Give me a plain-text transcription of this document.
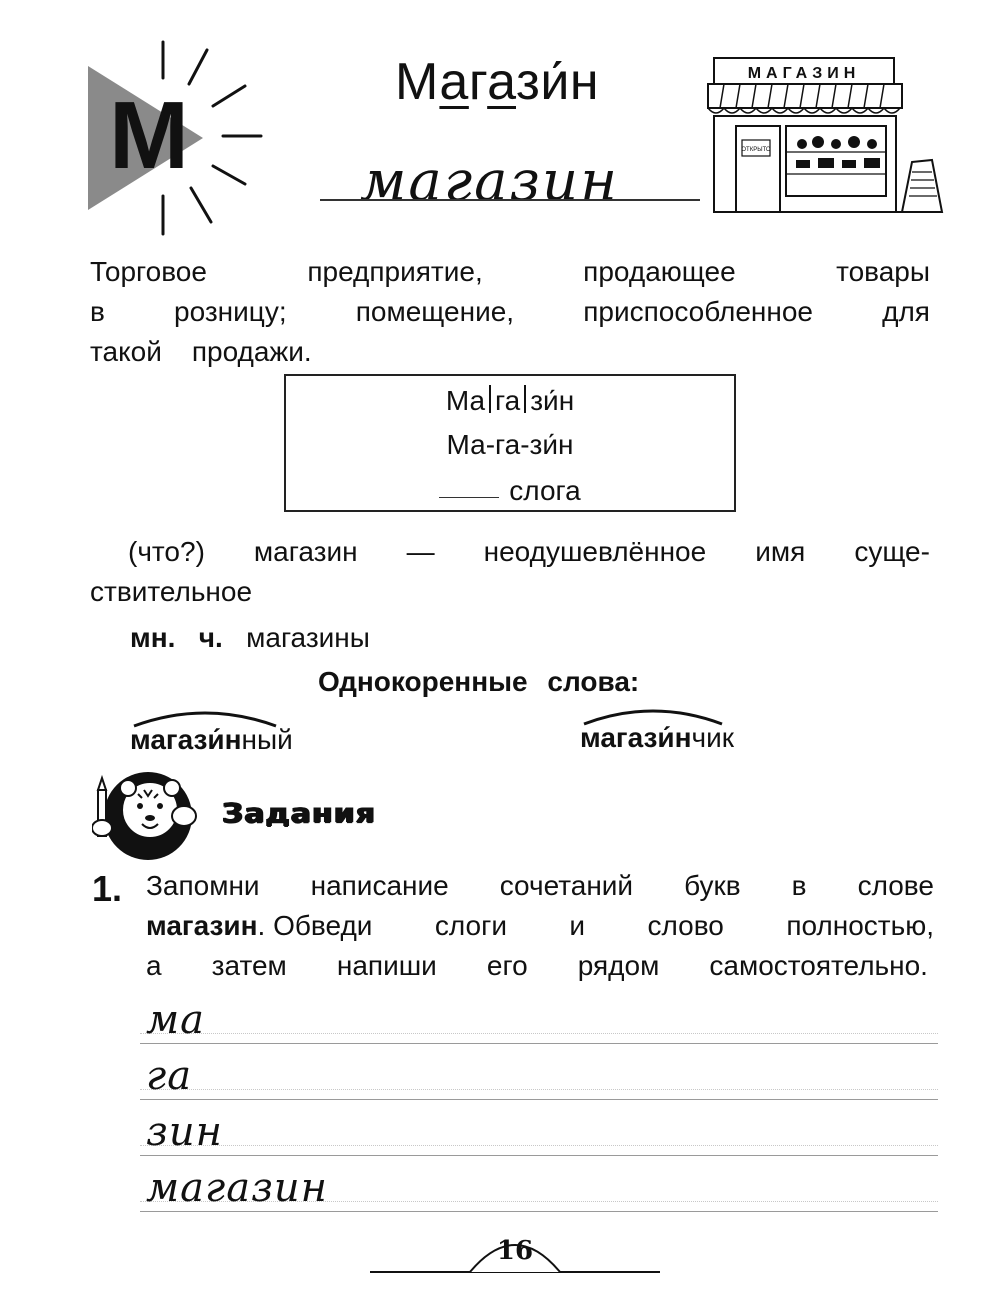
М	Магази́н
магазин
МАГАЗИН
ОТКРЫТО
Торговое	предприятие,	продающее	товары
в розницу; помещение, приспособленное для
такой продажи.
Ма га зи́н
Ма-га-зи́н
слога
(что?) магазин — неодушевлённое имя суще-
ствительное
мн. ч. магазины
Однокоренные слова:
магази́нный	магази́нчик
Задания
1. Запомни написание сочетаний букв в слове
магазин. Обведи слоги и слово полностью,
а затем напиши его рядом самостоятельно.
ма
га
зин
магазин
16
